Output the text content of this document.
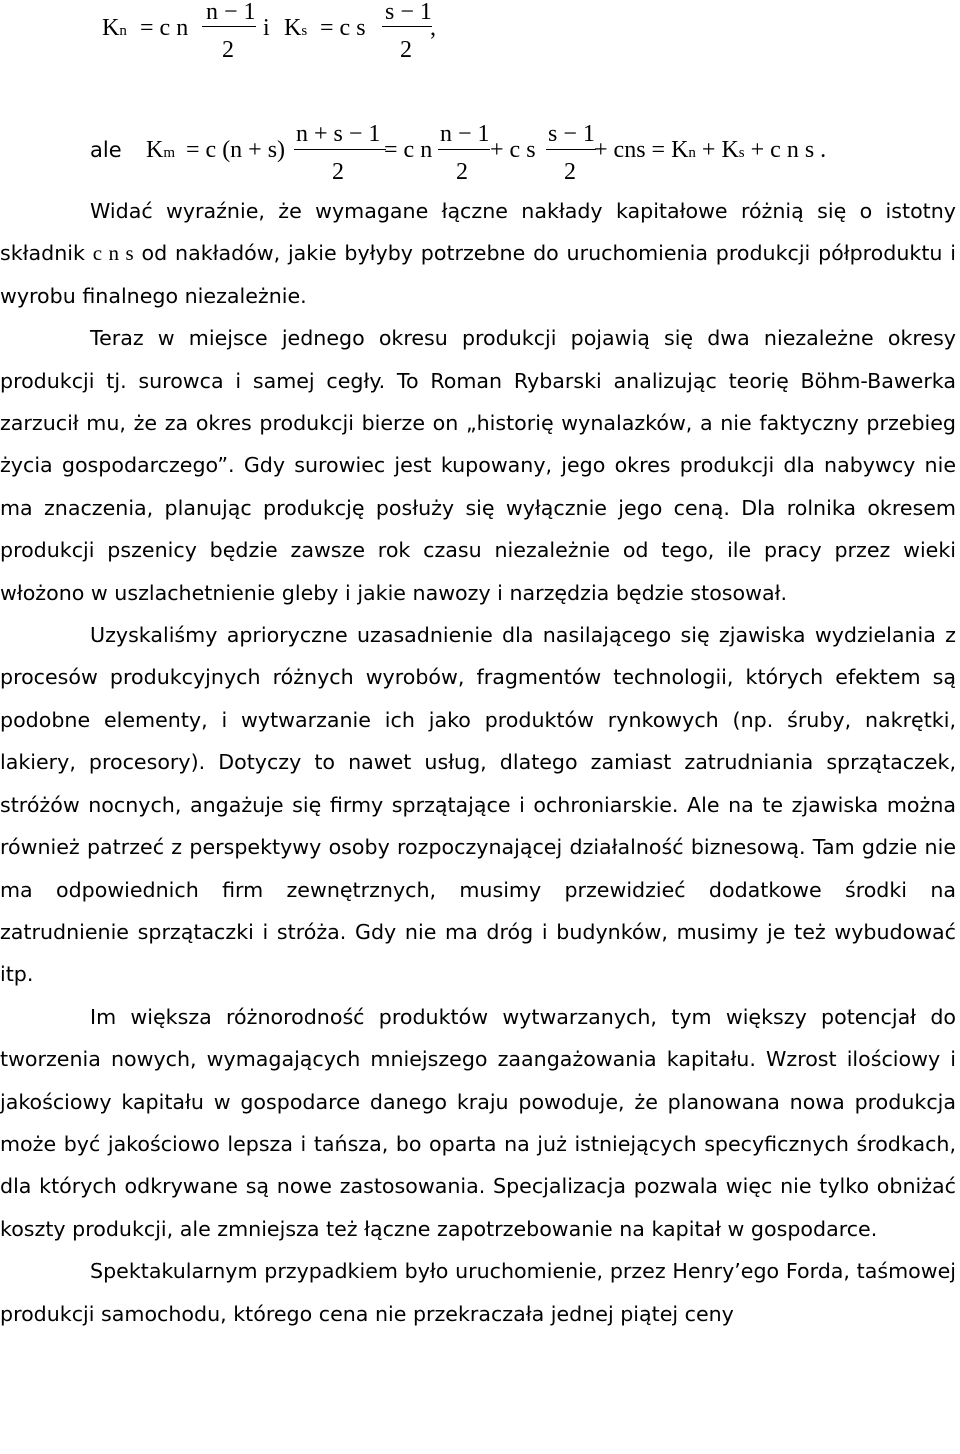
Kn = c n
n − 1
2
i Ks = c s
s − 1
2
,
ale Km = c (n + s)
n + s − 1
2
= c n
n − 1
2
+ c s
s − 1
2
+ cns = Kn + Ks + c n s .

Widać wyraźnie, że wymagane łączne nakłady kapitałowe różnią się o istotny składnik c n s od nakładów, jakie byłyby potrzebne do uruchomienia produkcji półproduktu i wyrobu finalnego niezależnie.

Teraz w miejsce jednego okresu produkcji pojawią się dwa niezależne okresy produkcji tj. surowca i samej cegły. To Roman Rybarski analizując teorię Böhm-Bawerka zarzucił mu, że za okres produkcji bierze on „historię wynalazków, a nie faktyczny przebieg życia gospodarczego”. Gdy surowiec jest kupowany, jego okres produkcji dla nabywcy nie ma znaczenia, planując produkcję posłuży się wyłącznie jego ceną. Dla rolnika okresem produkcji pszenicy będzie zawsze rok czasu niezależnie od tego, ile pracy przez wieki włożono w uszlachetnienie gleby i jakie nawozy i narzędzia będzie stosował.

Uzyskaliśmy aprioryczne uzasadnienie dla nasilającego się zjawiska wydzielania z procesów produkcyjnych różnych wyrobów, fragmentów technologii, których efektem są podobne elementy, i wytwarzanie ich jako produktów rynkowych (np. śruby, nakrętki, lakiery, procesory). Dotyczy to nawet usług, dlatego zamiast zatrudniania sprzątaczek, stróżów nocnych, angażuje się firmy sprzątające i ochroniarskie. Ale na te zjawiska można również patrzeć z perspektywy osoby rozpoczynającej działalność biznesową. Tam gdzie nie ma odpowiednich firm zewnętrznych, musimy przewidzieć dodatkowe środki na zatrudnienie sprzątaczki i stróża. Gdy nie ma dróg i budynków, musimy je też wybudować itp.

Im większa różnorodność produktów wytwarzanych, tym większy potencjał do tworzenia nowych, wymagających mniejszego zaangażowania kapitału. Wzrost ilościowy i jakościowy kapitału w gospodarce danego kraju powoduje, że planowana nowa produkcja może być jakościowo lepsza i tańsza, bo oparta na już istniejących specyficznych środkach, dla których odkrywane są nowe zastosowania. Specjalizacja pozwala więc nie tylko obniżać koszty produkcji, ale zmniejsza też łączne zapotrzebowanie na kapitał w gospodarce.

Spektakularnym przypadkiem było uruchomienie, przez Henry’ego Forda, taśmowej produkcji samochodu, którego cena nie przekraczała jednej piątej ceny
